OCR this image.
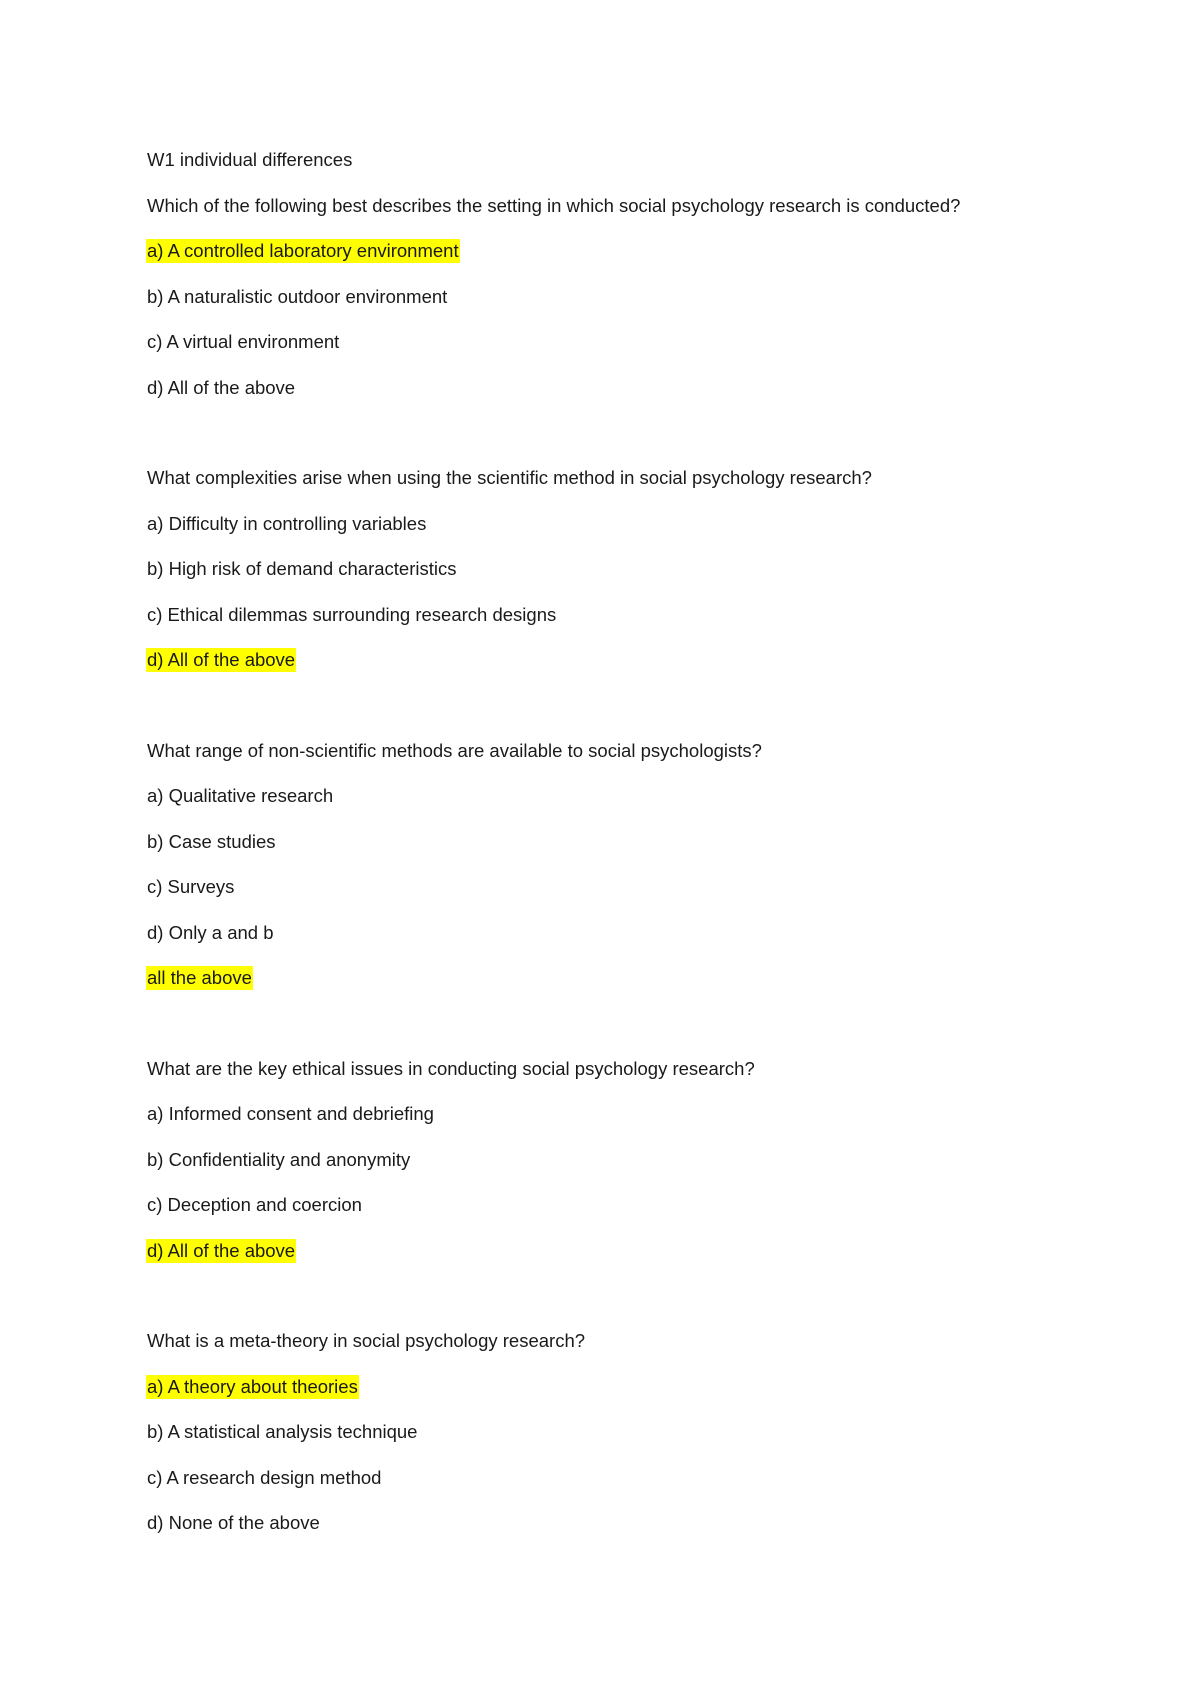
W1 individual differences
Which of the following best describes the setting in which social psychology research is conducted?
a) A controlled laboratory environment
b) A naturalistic outdoor environment
c) A virtual environment
d) All of the above
What complexities arise when using the scientific method in social psychology research?
a) Difficulty in controlling variables
b) High risk of demand characteristics
c) Ethical dilemmas surrounding research designs
d) All of the above
What range of non-scientific methods are available to social psychologists?
a) Qualitative research
b) Case studies
c) Surveys
d) Only a and b
all the above
What are the key ethical issues in conducting social psychology research?
a) Informed consent and debriefing
b) Confidentiality and anonymity
c) Deception and coercion
d) All of the above
What is a meta-theory in social psychology research?
a) A theory about theories
b) A statistical analysis technique
c) A research design method
d) None of the above
